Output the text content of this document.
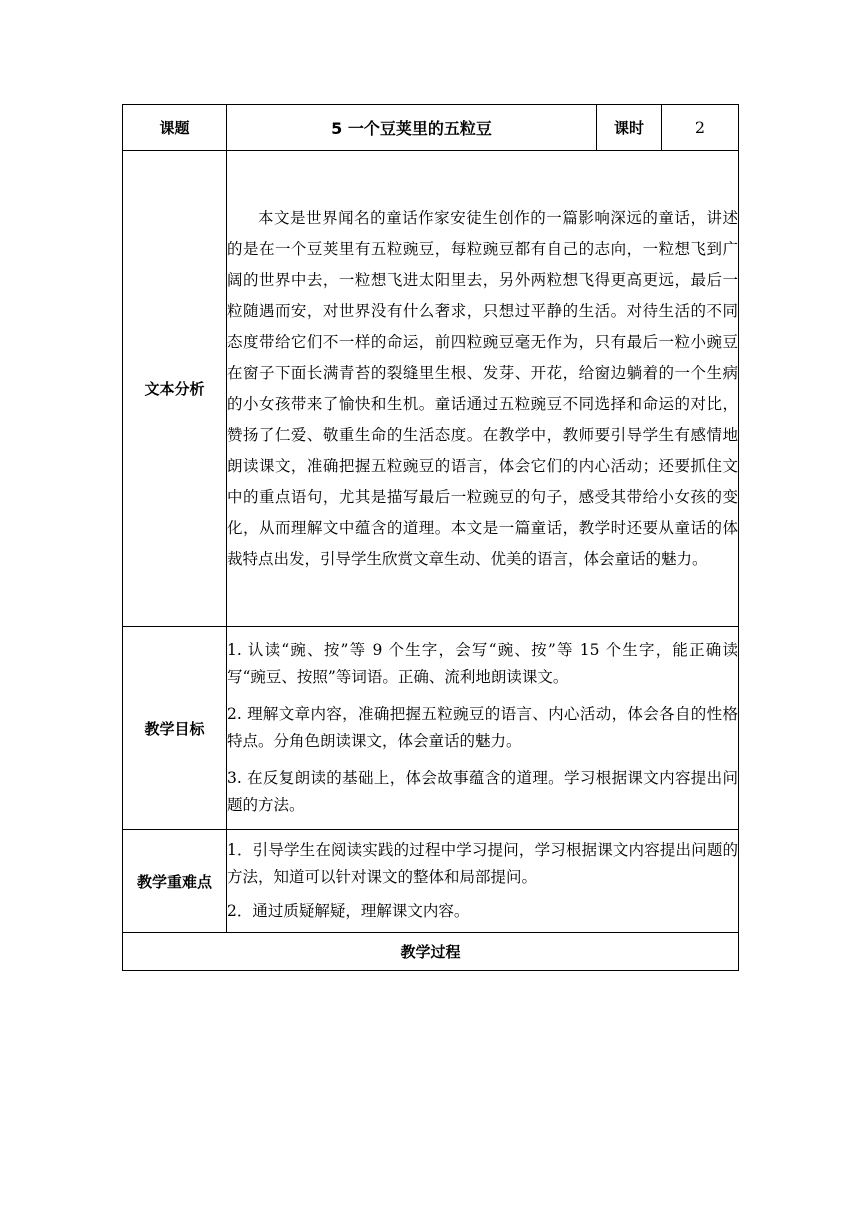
课题	5 一个豆荚里的五粒豆	课时	2
文本分析	本文是世界闻名的童话作家安徒生创作的一篇影响深远的童话，讲述的是在一个豆荚里有五粒豌豆，每粒豌豆都有自己的志向，一粒想飞到广阔的世界中去，一粒想飞进太阳里去，另外两粒想飞得更高更远，最后一粒随遇而安，对世界没有什么奢求，只想过平静的生活。对待生活的不同态度带给它们不一样的命运，前四粒豌豆毫无作为，只有最后一粒小豌豆在窗子下面长满青苔的裂缝里生根、发芽、开花，给窗边躺着的一个生病的小女孩带来了愉快和生机。童话通过五粒豌豆不同选择和命运的对比，赞扬了仁爱、敬重生命的生活态度。在教学中，教师要引导学生有感情地朗读课文，准确把握五粒豌豆的语言，体会它们的内心活动；还要抓住文中的重点语句，尤其是描写最后一粒豌豆的句子，感受其带给小女孩的变化，从而理解文中蕴含的道理。本文是一篇童话，教学时还要从童话的体裁特点出发，引导学生欣赏文章生动、优美的语言，体会童话的魅力。		

教学目标	1. 认读“豌、按”等 9 个生字，会写“豌、按”等 15 个生字，能正确读写“豌豆、按照”等词语。正确、流利地朗读课文。

2. 理解文章内容，准确把握五粒豌豆的语言、内心活动，体会各自的性格特点。分角色朗读课文，体会童话的魅力。

3. 在反复朗读的基础上，体会故事蕴含的道理。学习根据课文内容提出问题的方法。		

教学重难点	1．引导学生在阅读实践的过程中学习提问，学习根据课文内容提出问题的方法，知道可以针对课文的整体和局部提问。

2．通过质疑解疑，理解课文内容。		

教学过程			
